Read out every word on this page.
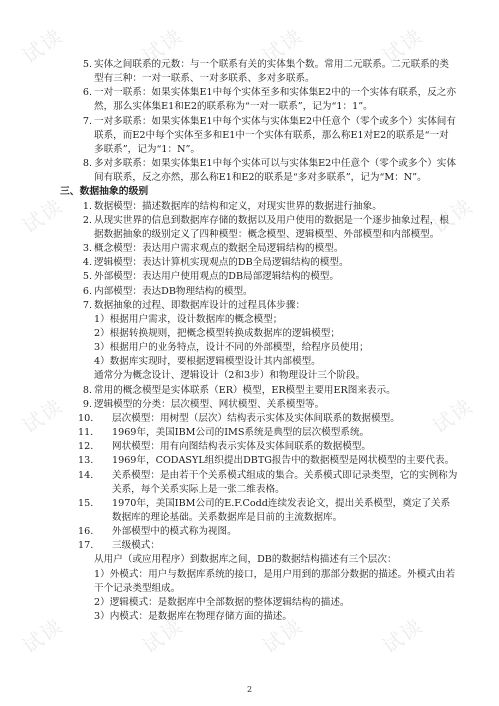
试读	试读	试读	试读
试读	试读
试读	试读
试读	试读	试读	试读
5. 实体之间联系的元数：与一个联系有关的实体集个数。常用二元联系。二元联系的类型有三种：一对一联系、一对多联系、多对多联系。
6. 一对一联系：如果实体集E1中每个实体至多和实体集E2中的一个实体有联系，反之亦然，那么实体集E1和E2的联系称为“一对一联系”，记为“1：1”。
7. 一对多联系：如果实体集E1中每个实体与实体集E2中任意个（零个或多个）实体间有联系，而E2中每个实体至多和E1中一个实体有联系，那么称E1对E2的联系是“一对多联系”，记为“1：N”。
8. 多对多联系：如果实体集E1中每个实体可以与实体集E2中任意个（零个或多个）实体间有联系，反之亦然，那么称E1和E2的联系是“多对多联系”，记为“M：N”。
三、数据抽象的级别
1. 数据模型：描述数据库的结构和定义，对现实世界的数据进行抽象。
2. 从现实世界的信息到数据库存储的数据以及用户使用的数据是一个逐步抽象过程，根据数据抽象的级别定义了四种模型：概念模型、逻辑模型、外部模型和内部模型。
3. 概念模型：表达用户需求观点的数据全局逻辑结构的模型。
4. 逻辑模型：表达计算机实现观点的DB全局逻辑结构的模型。
5. 外部模型：表达用户使用观点的DB局部逻辑结构的模型。
6. 内部模型：表达DB物理结构的模型。
7. 数据抽象的过程、即数据库设计的过程具体步骤：
1）根据用户需求，设计数据库的概念模型；
2）根据转换规则，把概念模型转换成数据库的逻辑模型；
3）根据用户的业务特点，设计不同的外部模型，给程序员使用；
4）数据库实现时，要根据逻辑模型设计其内部模型。
通常分为概念设计、逻辑设计（2和3步）和物理设计三个阶段。
8. 常用的概念模型是实体联系（ER）模型，ER模型主要用ER图来表示。
9. 逻辑模型的分类：层次模型、网状模型、关系模型等。
10.	层次模型：用树型（层次）结构表示实体及实体间联系的数据模型。
11.	1969年，美国IBM公司的IMS系统是典型的层次模型系统。
12.	网状模型：用有向图结构表示实体及实体间联系的数据模型。
13.	1969年，CODASYL组织提出DBTG报告中的数据模型是网状模型的主要代表。
14.	关系模型：是由若干个关系模式组成的集合。关系模式即记录类型，它的实例称为关系，每个关系实际上是一张二维表格。
15.	1970年，美国IBM公司的E.F.Codd连续发表论文，提出关系模型，奠定了关系数据库的理论基础。关系数据库是目前的主流数据库。
16.	外部模型中的模式称为视图。
17.	三级模式：
从用户（或应用程序）到数据库之间，DB的数据结构描述有三个层次：
1）外模式：用户与数据库系统的接口，是用户用到的那部分数据的描述。外模式由若干个记录类型组成。
2）逻辑模式：是数据库中全部数据的整体逻辑结构的描述。
3）内模式：是数据库在物理存储方面的描述。
2
